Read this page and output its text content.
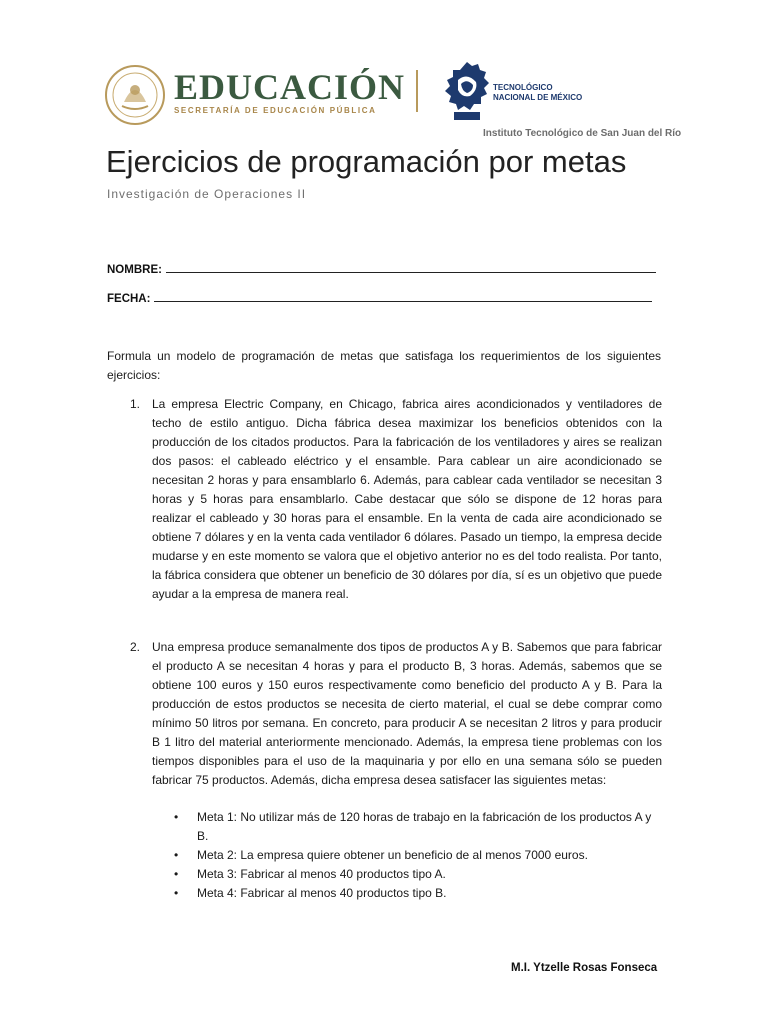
EDUCACIÓN
SECRETARÍA DE EDUCACIÓN PÚBLICA
TECNOLÓGICO
NACIONAL DE MÉXICO
Instituto Tecnológico de San Juan del Río
Ejercicios de programación por metas
Investigación de Operaciones II
NOMBRE:
FECHA:
Formula un modelo de programación de metas que satisfaga los requerimientos de los siguientes ejercicios:
1. La empresa Electric Company, en Chicago, fabrica aires acondicionados y ventiladores de techo de estilo antiguo. Dicha fábrica desea maximizar los beneficios obtenidos con la producción de los citados productos. Para la fabricación de los ventiladores y aires se realizan dos pasos: el cableado eléctrico y el ensamble. Para cablear un aire acondicionado se necesitan 2 horas y para ensamblarlo 6. Además, para cablear cada ventilador se necesitan 3 horas y 5 horas para ensamblarlo. Cabe destacar que sólo se dispone de 12 horas para realizar el cableado y 30 horas para el ensamble. En la venta de cada aire acondicionado se obtiene 7 dólares y en la venta cada ventilador 6 dólares. Pasado un tiempo, la empresa decide mudarse y en este momento se valora que el objetivo anterior no es del todo realista. Por tanto, la fábrica considera que obtener un beneficio de 30 dólares por día, sí es un objetivo que puede ayudar a la empresa de manera real.
2. Una empresa produce semanalmente dos tipos de productos A y B. Sabemos que para fabricar el producto A se necesitan 4 horas y para el producto B, 3 horas. Además, sabemos que se obtiene 100 euros y 150 euros respectivamente como beneficio del producto A y B. Para la producción de estos productos se necesita de cierto material, el cual se debe comprar como mínimo 50 litros por semana. En concreto, para producir A se necesitan 2 litros y para producir B 1 litro del material anteriormente mencionado. Además, la empresa tiene problemas con los tiempos disponibles para el uso de la maquinaria y por ello en una semana sólo se pueden fabricar 75 productos. Además, dicha empresa desea satisfacer las siguientes metas:
• Meta 1: No utilizar más de 120 horas de trabajo en la fabricación de los productos A y B.
• Meta 2: La empresa quiere obtener un beneficio de al menos 7000 euros.
• Meta 3: Fabricar al menos 40 productos tipo A.
• Meta 4: Fabricar al menos 40 productos tipo B.
M.I. Ytzelle Rosas Fonseca
